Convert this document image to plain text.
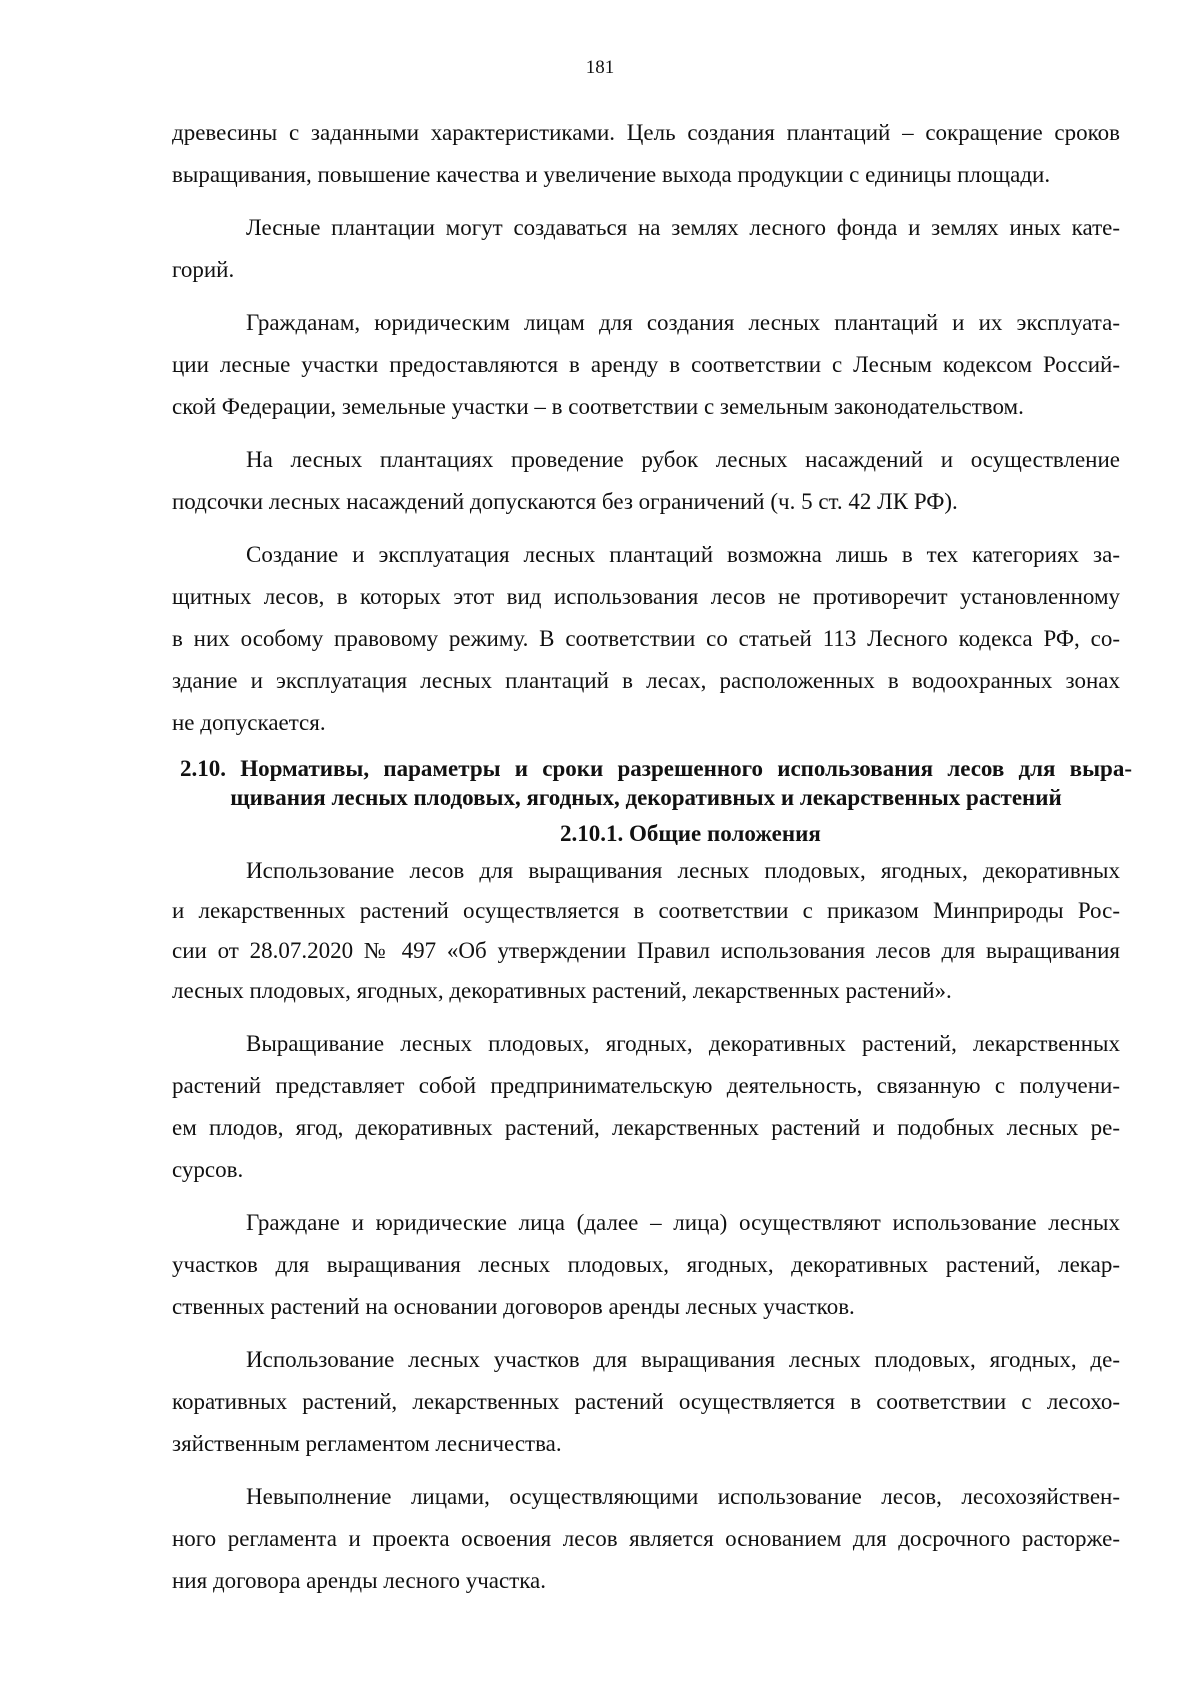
181
древесины с заданными характеристиками. Цель создания плантаций – сокращение сроков
выращивания, повышение качества и увеличение выхода продукции с единицы площади.
Лесные плантации могут создаваться на землях лесного фонда и землях иных кате-
горий.
Гражданам, юридическим лицам для создания лесных плантаций и их эксплуата-
ции лесные участки предоставляются в аренду в соответствии с Лесным кодексом Россий-
ской Федерации, земельные участки – в соответствии с земельным законодательством.
На лесных плантациях проведение рубок лесных насаждений и осуществление
подсочки лесных насаждений допускаются без ограничений (ч. 5 ст. 42 ЛК РФ).
Создание и эксплуатация лесных плантаций возможна лишь в тех категориях за-
щитных лесов, в которых этот вид использования лесов не противоречит установленному
в них особому правовому режиму. В соответствии со статьей 113 Лесного кодекса РФ, со-
здание и эксплуатация лесных плантаций в лесах, расположенных в водоохранных зонах
не допускается.
2.10. Нормативы, параметры и сроки разрешенного использования лесов для выра-
щивания лесных плодовых, ягодных, декоративных и лекарственных растений
2.10.1. Общие положения
Использование лесов для выращивания лесных плодовых, ягодных, декоративных
и лекарственных растений осуществляется в соответствии с приказом Минприроды Рос-
сии от 28.07.2020 № 497 «Об утверждении Правил использования лесов для выращивания
лесных плодовых, ягодных, декоративных растений, лекарственных растений».
Выращивание лесных плодовых, ягодных, декоративных растений, лекарственных
растений представляет собой предпринимательскую деятельность, связанную с получени-
ем плодов, ягод, декоративных растений, лекарственных растений и подобных лесных ре-
сурсов.
Граждане и юридические лица (далее – лица) осуществляют использование лесных
участков для выращивания лесных плодовых, ягодных, декоративных растений, лекар-
ственных растений на основании договоров аренды лесных участков.
Использование лесных участков для выращивания лесных плодовых, ягодных, де-
коративных растений, лекарственных растений осуществляется в соответствии с лесохо-
зяйственным регламентом лесничества.
Невыполнение лицами, осуществляющими использование лесов, лесохозяйствен-
ного регламента и проекта освоения лесов является основанием для досрочного расторже-
ния договора аренды лесного участка.
